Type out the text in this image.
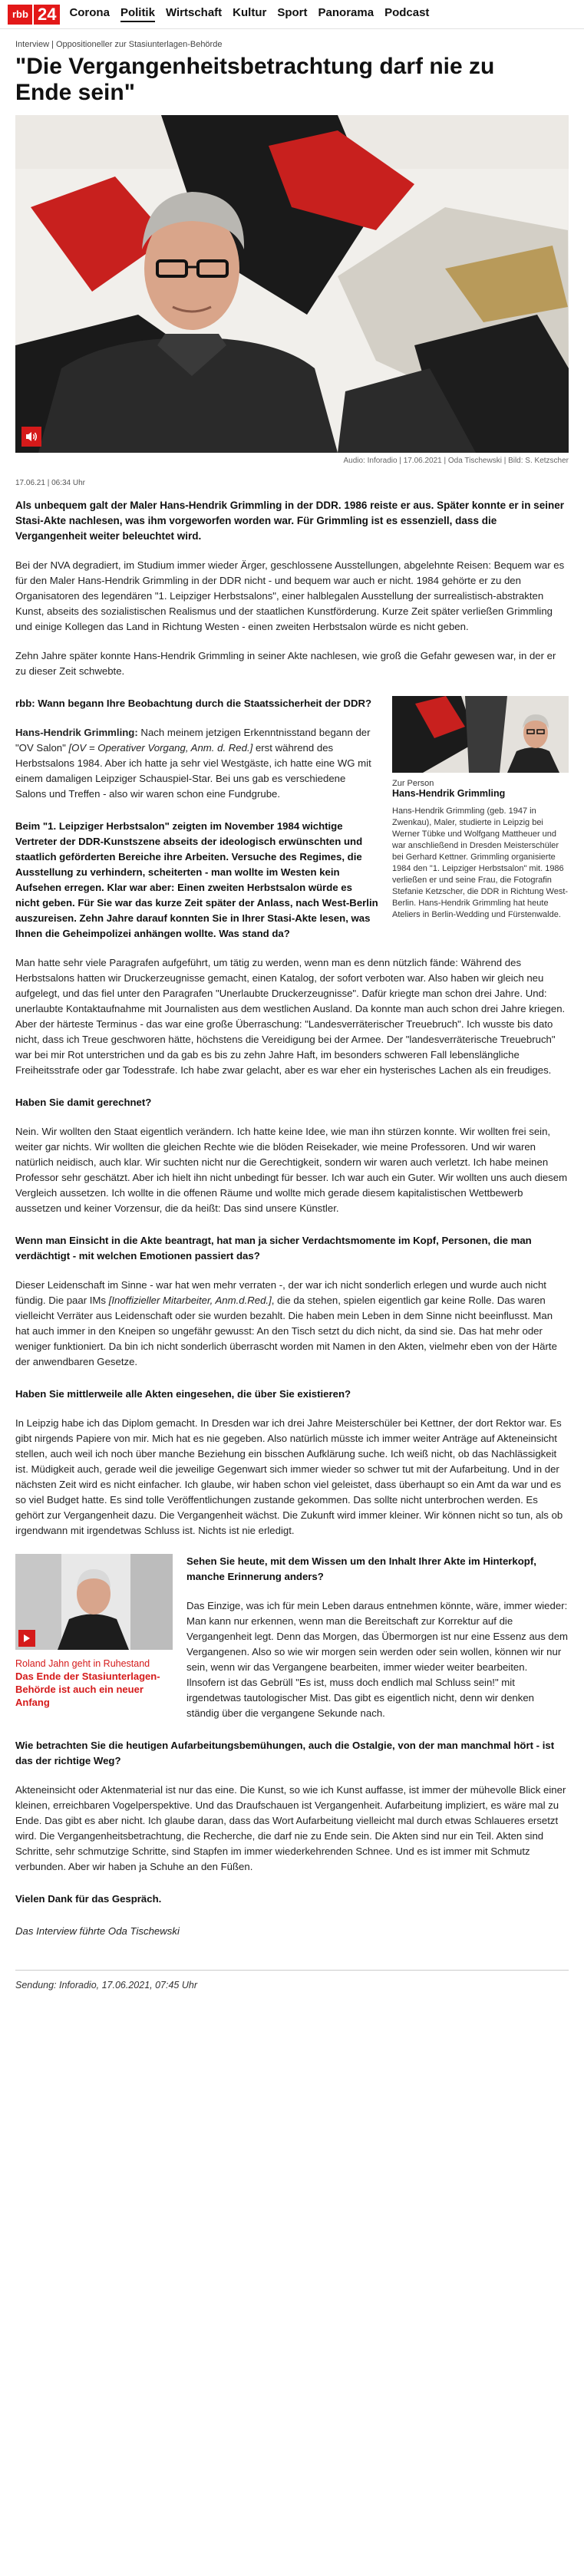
rbb 24	Corona Politik Wirtschaft Kultur Sport Panorama Podcast
Interview | Oppositioneller zur Stasiunterlagen-Behörde
"Die Vergangenheitsbetrachtung darf nie zu Ende sein"
Audio: Inforadio | 17.06.2021 | Oda Tischewski | Bild: S. Ketzscher
17.06.21 | 06:34 Uhr

Als unbequem galt der Maler Hans-Hendrik Grimmling in der DDR. 1986 reiste er aus. Später konnte er in seiner Stasi-Akte nachlesen, was ihm vorgeworfen worden war. Für Grimmling ist es essenziell, dass die Vergangenheit weiter beleuchtet wird.

Bei der NVA degradiert, im Studium immer wieder Ärger, geschlossene Ausstellungen, abgelehnte Reisen: Bequem war es für den Maler Hans-Hendrik Grimmling in der DDR nicht - und bequem war auch er nicht. 1984 gehörte er zu den Organisatoren des legendären "1. Leipziger Herbstsalons", einer halblegalen Ausstellung der surrealistisch-abstrakten Kunst, abseits des sozialistischen Realismus und der staatlichen Kunstförderung. Kurze Zeit später verließen Grimmling und einige Kollegen das Land in Richtung Westen - einen zweiten Herbstsalon würde es nicht geben.

Zehn Jahre später konnte Hans-Hendrik Grimmling in seiner Akte nachlesen, wie groß die Gefahr gewesen war, in der er zu dieser Zeit schwebte.

rbb: Wann begann Ihre Beobachtung durch die Staatssicherheit der DDR?

Hans-Hendrik Grimmling: Nach meinem jetzigen Erkenntnisstand begann der "OV Salon" [OV = Operativer Vorgang, Anm. d. Red.] erst während des Herbstsalons 1984. Aber ich hatte ja sehr viel Westgäste, ich hatte eine WG mit einem damaligen Leipziger Schauspiel-Star. Bei uns gab es verschiedene Salons und Treffen - also wir waren schon eine Fundgrube.

Beim "1. Leipziger Herbstsalon" zeigten im November 1984 wichtige Vertreter der DDR-Kunstszene abseits der ideologisch erwünschten und staatlich geförderten Bereiche ihre Arbeiten. Versuche des Regimes, die Ausstellung zu verhindern, scheiterten - man wollte im Westen kein Aufsehen erregen. Klar war aber: Einen zweiten Herbstsalon würde es nicht geben. Für Sie war das kurze Zeit später der Anlass, nach West-Berlin auszureisen. Zehn Jahre darauf konnten Sie in Ihrer Stasi-Akte lesen, was Ihnen die Geheimpolizei anhängen wollte. Was stand da?

Zur Person
Hans-Hendrik Grimmling
Hans-Hendrik Grimmling (geb. 1947 in Zwenkau), Maler, studierte in Leipzig bei Werner Tübke und Wolfgang Mattheuer und war anschließend in Dresden Meisterschüler bei Gerhard Kettner. Grimmling organisierte 1984 den "1. Leipziger Herbstsalon" mit. 1986 verließen er und seine Frau, die Fotografin Stefanie Ketzscher, die DDR in Richtung West-Berlin. Hans-Hendrik Grimmling hat heute Ateliers in Berlin-Wedding und Fürstenwalde.

Man hatte sehr viele Paragrafen aufgeführt, um tätig zu werden, wenn man es denn nützlich fände: Während des Herbstsalons hatten wir Druckerzeugnisse gemacht, einen Katalog, der sofort verboten war. Also haben wir gleich neu aufgelegt, und das fiel unter den Paragrafen "Unerlaubte Druckerzeugnisse". Dafür kriegte man schon drei Jahre. Und: unerlaubte Kontaktaufnahme mit Journalisten aus dem westlichen Ausland. Da konnte man auch schon drei Jahre kriegen. Aber der härteste Terminus - das war eine große Überraschung: "Landesverräterischer Treuebruch". Ich wusste bis dato nicht, dass ich Treue geschworen hätte, höchstens die Vereidigung bei der Armee. Der "landesverräterische Treuebruch" war bei mir Rot unterstrichen und da gab es bis zu zehn Jahre Haft, im besonders schweren Fall lebenslängliche Freiheitsstrafe oder gar Todesstrafe. Ich habe zwar gelacht, aber es war eher ein hysterisches Lachen als ein freudiges.

Haben Sie damit gerechnet?

Nein. Wir wollten den Staat eigentlich verändern. Ich hatte keine Idee, wie man ihn stürzen konnte. Wir wollten frei sein, weiter gar nichts. Wir wollten die gleichen Rechte wie die blöden Reisekader, wie meine Professoren. Und wir waren natürlich neidisch, auch klar. Wir suchten nicht nur die Gerechtigkeit, sondern wir waren auch verletzt. Ich habe meinen Professor sehr geschätzt. Aber ich hielt ihn nicht unbedingt für besser. Ich war auch ein Guter. Wir wollten uns auch diesem Vergleich aussetzen. Ich wollte in die offenen Räume und wollte mich gerade diesem kapitalistischen Wettbewerb aussetzen und keiner Vorzensur, die da heißt: Das sind unsere Künstler.

Wenn man Einsicht in die Akte beantragt, hat man ja sicher Verdachtsmomente im Kopf, Personen, die man verdächtigt - mit welchen Emotionen passiert das?

Dieser Leidenschaft im Sinne - war hat wen mehr verraten -, der war ich nicht sonderlich erlegen und wurde auch nicht fündig. Die paar IMs [Inoffizieller Mitarbeiter, Anm.d.Red.], die da stehen, spielen eigentlich gar keine Rolle. Das waren vielleicht Verräter aus Leidenschaft oder sie wurden bezahlt. Die haben mein Leben in dem Sinne nicht beeinflusst. Man hat auch immer in den Kneipen so ungefähr gewusst: An den Tisch setzt du dich nicht, da sind sie. Das hat mehr oder weniger funktioniert. Da bin ich nicht sonderlich überrascht worden mit Namen in den Akten, vielmehr eben von der Härte der anwendbaren Gesetze.

Haben Sie mittlerweile alle Akten eingesehen, die über Sie existieren?

In Leipzig habe ich das Diplom gemacht. In Dresden war ich drei Jahre Meisterschüler bei Kettner, der dort Rektor war. Es gibt nirgends Papiere von mir. Mich hat es nie gegeben. Also natürlich müsste ich immer weiter Anträge auf Akteneinsicht stellen, auch weil ich noch über manche Beziehung ein bisschen Aufklärung suche. Ich weiß nicht, ob das Nachlässigkeit ist. Müdigkeit auch, gerade weil die jeweilige Gegenwart sich immer wieder so schwer tut mit der Aufarbeitung. Und in der nächsten Zeit wird es nicht einfacher. Ich glaube, wir haben schon viel geleistet, dass überhaupt so ein Amt da war und es so viel Budget hatte. Es sind tolle Veröffentlichungen zustande gekommen. Das sollte nicht unterbrochen werden. Es gehört zur Vergangenheit dazu. Die Vergangenheit wächst. Die Zukunft wird immer kleiner. Wir können nicht so tun, als ob irgendwann mit irgendetwas Schluss ist. Nichts ist nie erledigt.

Roland Jahn geht in Ruhestand
Das Ende der Stasiunterlagen-Behörde ist auch ein neuer Anfang

Sehen Sie heute, mit dem Wissen um den Inhalt Ihrer Akte im Hinterkopf, manche Erinnerung anders?

Das Einzige, was ich für mein Leben daraus entnehmen könnte, wäre, immer wieder: Man kann nur erkennen, wenn man die Bereitschaft zur Korrektur auf die Vergangenheit legt. Denn das Morgen, das Übermorgen ist nur eine Essenz aus dem Vergangenen. Also so wie wir morgen sein werden oder sein wollen, können wir nur sein, wenn wir das Vergangene bearbeiten, immer wieder weiter bearbeiten. Ilnsofern ist das Gebrüll "Es ist, muss doch endlich mal Schluss sein!" mit irgendetwas tautologischer Mist. Das gibt es eigentlich nicht, denn wir denken ständig über die vergangene Sekunde nach.

Wie betrachten Sie die heutigen Aufarbeitungsbemühungen, auch die Ostalgie, von der man manchmal hört - ist das der richtige Weg?

Akteneinsicht oder Aktenmaterial ist nur das eine. Die Kunst, so wie ich Kunst auffasse, ist immer der mühevolle Blick einer kleinen, erreichbaren Vogelperspektive. Und das Draufschauen ist Vergangenheit. Aufarbeitung impliziert, es wäre mal zu Ende. Das gibt es aber nicht. Ich glaube daran, dass das Wort Aufarbeitung vielleicht mal durch etwas Schlaueres ersetzt wird. Die Vergangenheitsbetrachtung, die Recherche, die darf nie zu Ende sein. Die Akten sind nur ein Teil. Akten sind Schritte, sehr schmutzige Schritte, sind Stapfen im immer wiederkehrenden Schnee. Und es ist immer mit Schmutz verbunden. Aber wir haben ja Schuhe an den Füßen.

Vielen Dank für das Gespräch.

Das Interview führte Oda Tischewski

Sendung: Inforadio, 17.06.2021, 07:45 Uhr
